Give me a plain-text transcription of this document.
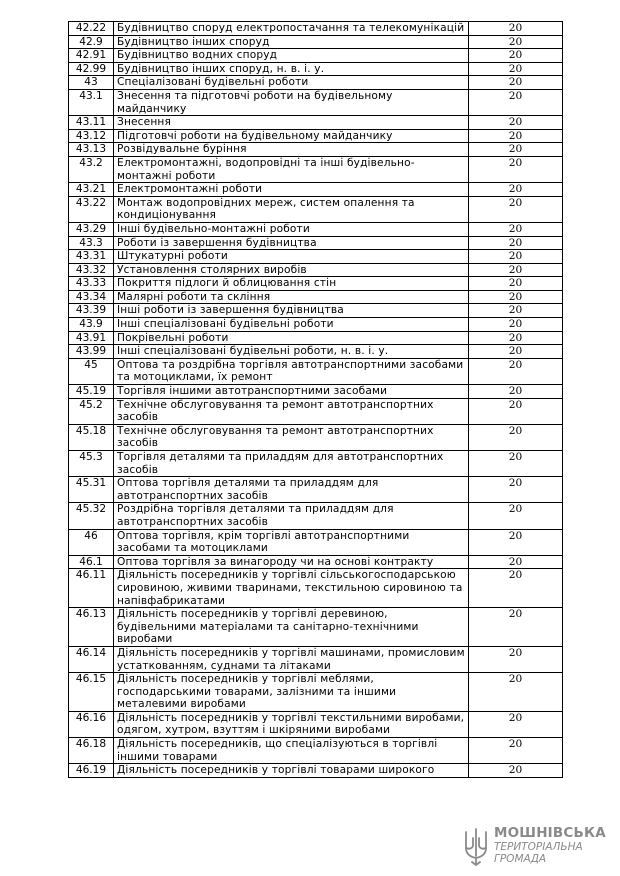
42.22	Будівництво споруд електропостачання та телекомунікацій	20
42.9	Будівництво інших споруд	20
42.91	Будівництво водних споруд	20
42.99	Будівництво інших споруд, н. в. і. у.	20
43	Спеціалізовані будівельні роботи	20
43.1	Знесення та підготовчі роботи на будівельному майданчику	20
43.11	Знесення	20
43.12	Підготовчі роботи на будівельному майданчику	20
43.13	Розвідувальне буріння	20
43.2	Електромонтажні, водопровідні та інші будівельно-монтажні роботи	20
43.21	Електромонтажні роботи	20
43.22	Монтаж водопровідних мереж, систем опалення та кондиціонування	20
43.29	Інші будівельно-монтажні роботи	20
43.3	Роботи із завершення будівництва	20
43.31	Штукатурні роботи	20
43.32	Установлення столярних виробів	20
43.33	Покриття підлоги й облицювання стін	20
43.34	Малярні роботи та скління	20
43.39	Інші роботи із завершення будівництва	20
43.9	Інші спеціалізовані будівельні роботи	20
43.91	Покрівельні роботи	20
43.99	Інші спеціалізовані будівельні роботи, н. в. і. у.	20
45	Оптова та роздрібна торгівля автотранспортними засобами та мотоциклами, їх ремонт	20
45.19	Торгівля іншими автотранспортними засобами	20
45.2	Технічне обслуговування та ремонт автотранспортних засобів	20
45.18	Технічне обслуговування та ремонт автотранспортних засобів	20
45.3	Торгівля деталями та приладдям для автотранспортних засобів	20
45.31	Оптова торгівля деталями та приладдям для автотранспортних засобів	20
45.32	Роздрібна торгівля деталями та приладдям для автотранспортних засобів	20
46	Оптова торгівля, крім торгівлі автотранспортними засобами та мотоциклами	20
46.1	Оптова торгівля за винагороду чи на основі контракту	20
46.11	Діяльність посередників у торгівлі сільськогосподарською сировиною, живими тваринами, текстильною сировиною та напівфабрикатами	20
46.13	Діяльність посередників у торгівлі деревиною, будівельними матеріалами та санітарно-технічними виробами	20
46.14	Діяльність посередників у торгівлі машинами, промисловим устаткованням, суднами та літаками	20
46.15	Діяльність посередників у торгівлі меблями, господарськими товарами, залізними та іншими металевими виробами	20
46.16	Діяльність посередників у торгівлі текстильними виробами, одягом, хутром, взуттям і шкіряними виробами	20
46.18	Діяльність посередників, що спеціалізуються в торгівлі іншими товарами	20
46.19	Діяльність посередників у торгівлі товарами широкого	20
МОШНІВСЬКА
ТЕРИТОРІАЛЬНА
ГРОМАДА
